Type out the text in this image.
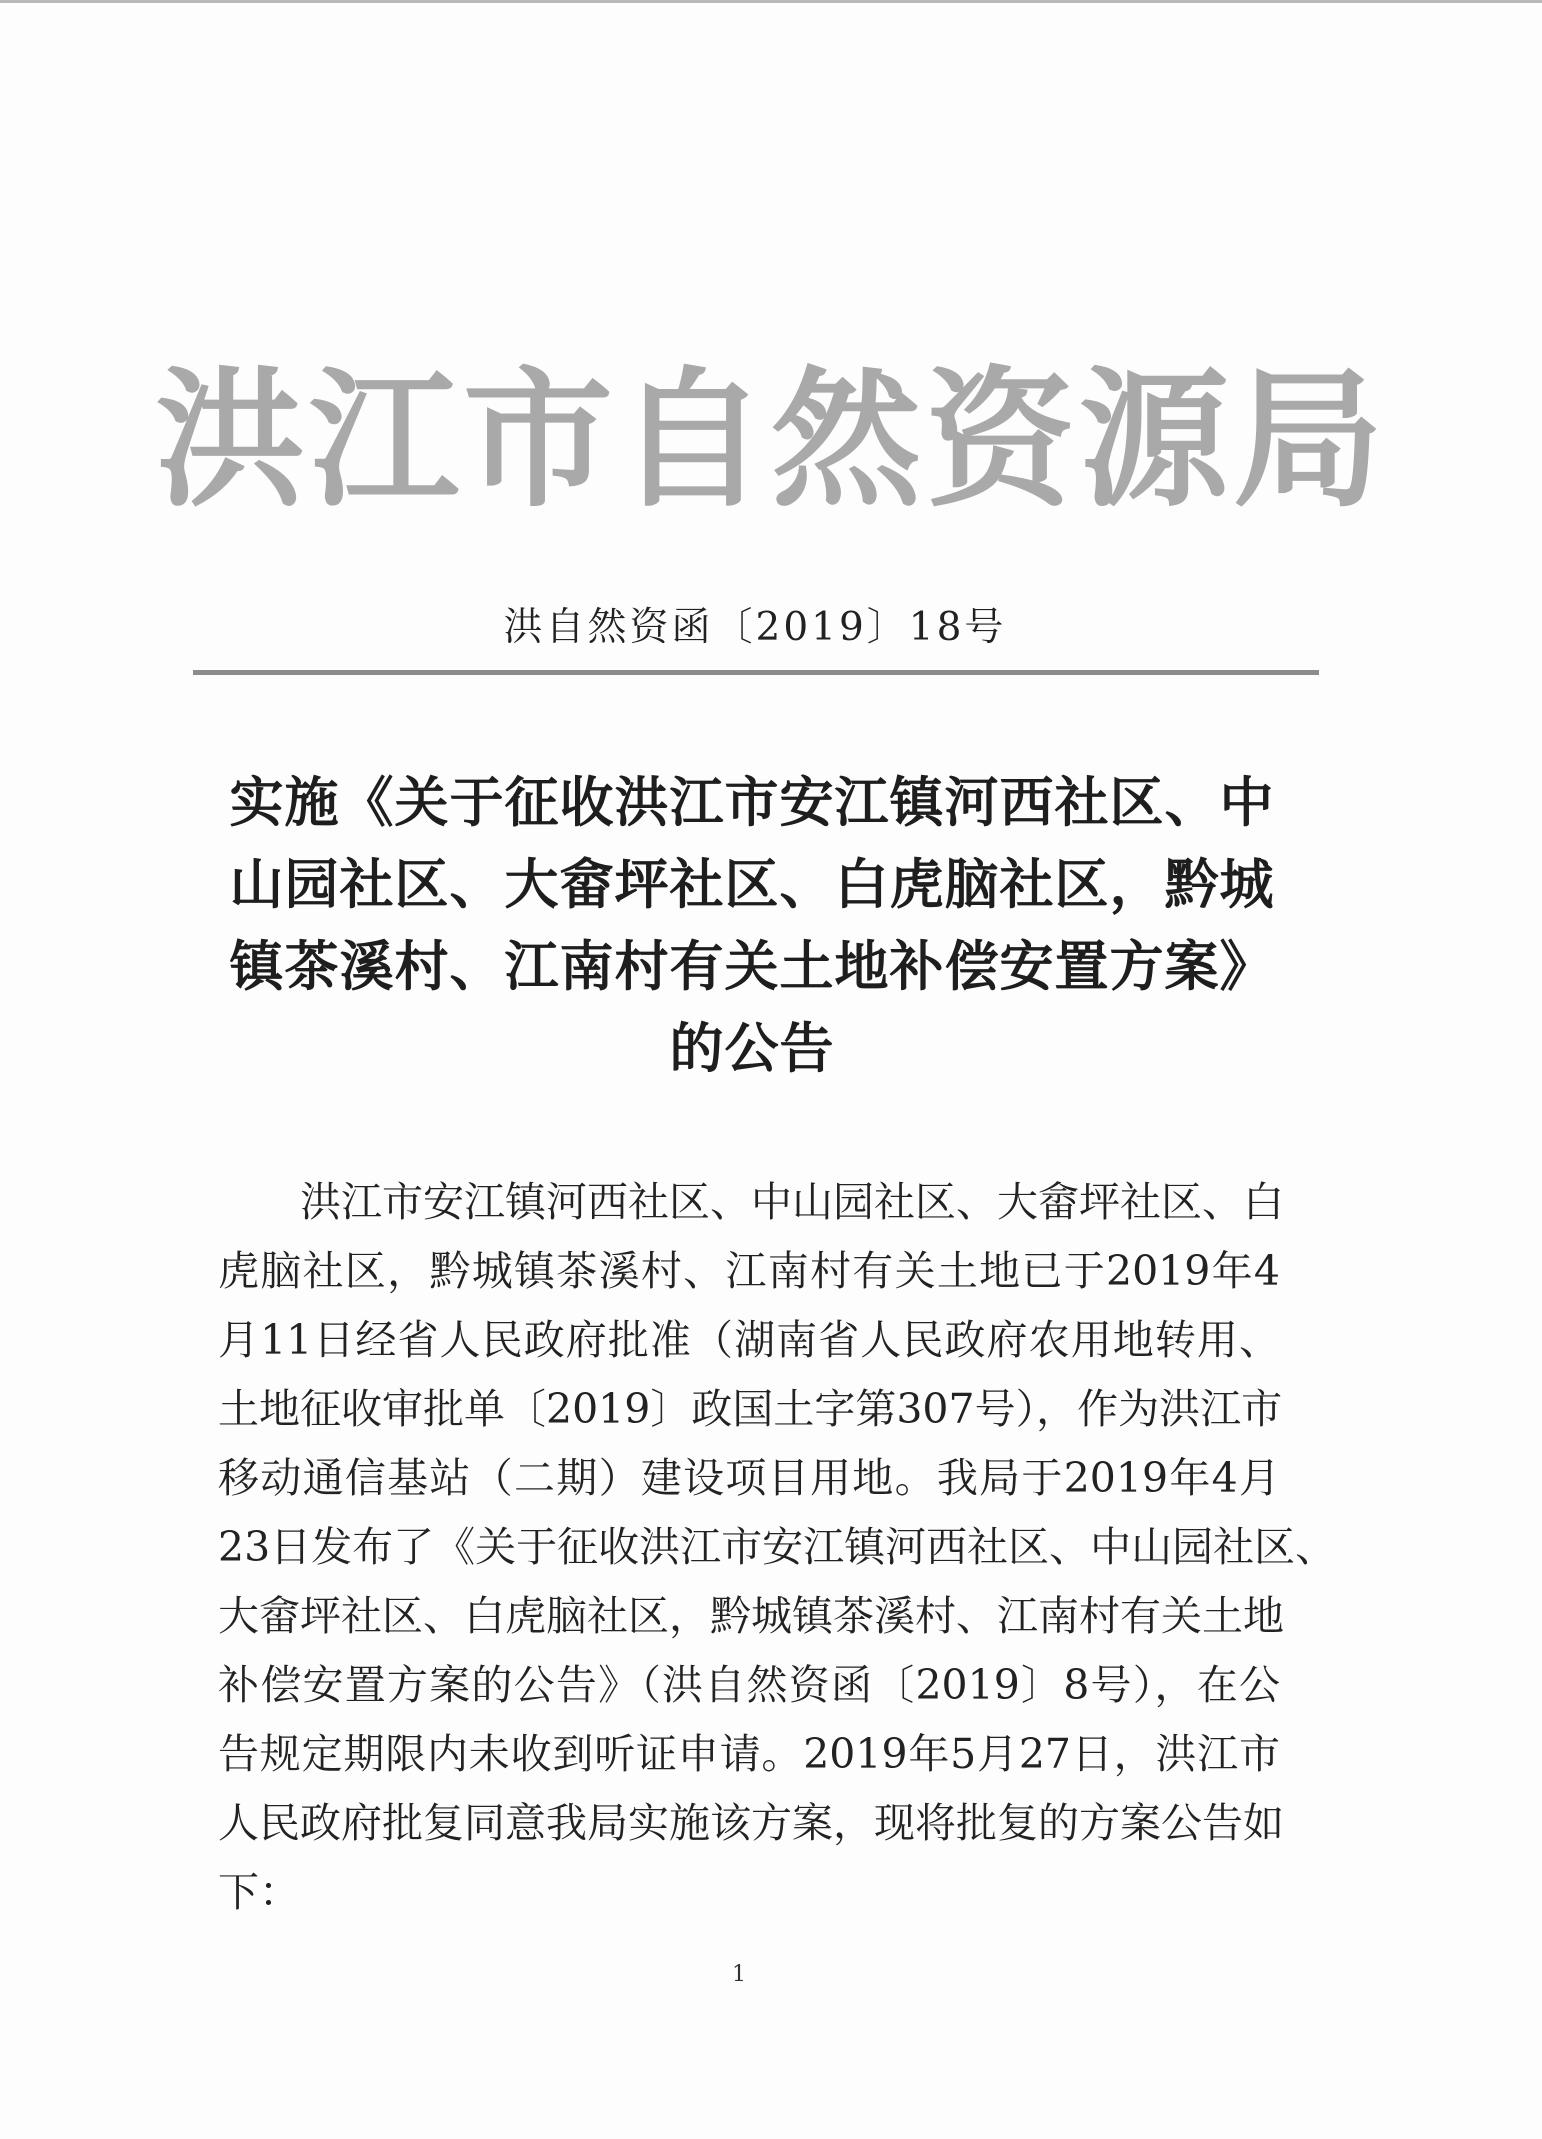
洪江市自然资源局
洪自然资函〔2019〕18号
实施《关于征收洪江市安江镇河西社区、中
山园社区、大畲坪社区、白虎脑社区，黔城
镇茶溪村、江南村有关土地补偿安置方案》
的公告
洪江市安江镇河西社区、中山园社区、大畲坪社区、白
虎脑社区，黔城镇茶溪村、江南村有关土地已于2019年4
月11日经省人民政府批准（湖南省人民政府农用地转用、
土地征收审批单〔2019〕政国土字第307号），作为洪江市
移动通信基站（二期）建设项目用地。我局于2019年4月
23日发布了《关于征收洪江市安江镇河西社区、中山园社区、
大畲坪社区、白虎脑社区，黔城镇茶溪村、江南村有关土地
补偿安置方案的公告》（洪自然资函〔2019〕8号），在公
告规定期限内未收到听证申请。2019年5月27日，洪江市
人民政府批复同意我局实施该方案，现将批复的方案公告如
下：
1
